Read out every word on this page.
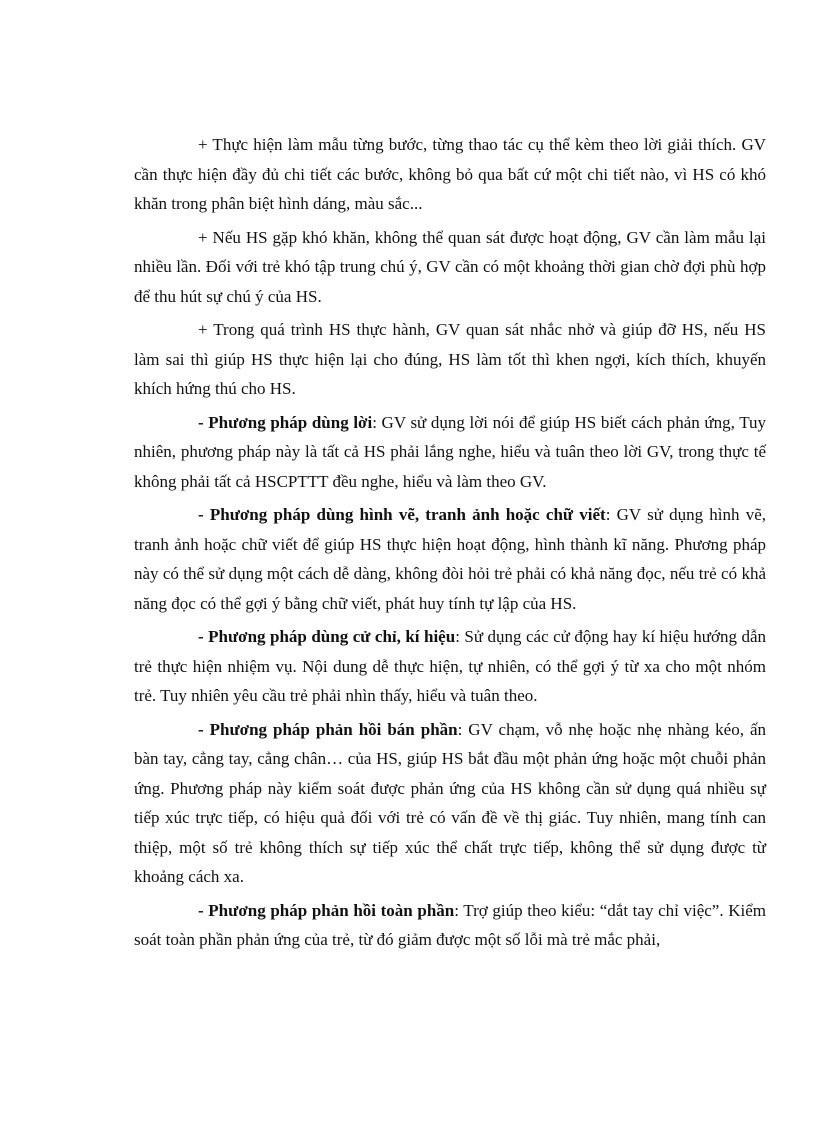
+ Thực hiện làm mẫu từng bước, từng thao tác cụ thể kèm theo lời giải thích. GV cần thực hiện đầy đủ chi tiết các bước, không bỏ qua bất cứ một chi tiết nào, vì HS có khó khăn trong phân biệt hình dáng, màu sắc...

+ Nếu HS gặp khó khăn, không thể quan sát được hoạt động, GV cần làm mẫu lại nhiều lần. Đối với trẻ khó tập trung chú ý, GV cần có một khoảng thời gian chờ đợi phù hợp để thu hút sự chú ý của HS.

+ Trong quá trình HS thực hành, GV quan sát nhắc nhở và giúp đỡ HS, nếu HS làm sai thì giúp HS thực hiện lại cho đúng, HS làm tốt thì khen ngợi, kích thích, khuyến khích hứng thú cho HS.

- Phương pháp dùng lời: GV sử dụng lời nói để giúp HS biết cách phản ứng, Tuy nhiên, phương pháp này là tất cả HS phải lắng nghe, hiểu và tuân theo lời GV, trong thực tế không phải tất cả HSCPTTT đều nghe, hiểu và làm theo GV.

- Phương pháp dùng hình vẽ, tranh ảnh hoặc chữ viết: GV sử dụng hình vẽ, tranh ảnh hoặc chữ viết để giúp HS thực hiện hoạt động, hình thành kĩ năng. Phương pháp này có thể sử dụng một cách dễ dàng, không đòi hỏi trẻ phải có khả năng đọc, nếu trẻ có khả năng đọc có thể gợi ý bằng chữ viết, phát huy tính tự lập của HS.

- Phương pháp dùng cử chỉ, kí hiệu: Sử dụng các cử động hay kí hiệu hướng dẫn trẻ thực hiện nhiệm vụ. Nội dung dễ thực hiện, tự nhiên, có thể gợi ý từ xa cho một nhóm trẻ. Tuy nhiên yêu cầu trẻ phải nhìn thấy, hiểu và tuân theo.

- Phương pháp phản hồi bán phần: GV chạm, vỗ nhẹ hoặc nhẹ nhàng kéo, ấn bàn tay, cẳng tay, cẳng chân… của HS, giúp HS bắt đầu một phản ứng hoặc một chuỗi phản ứng. Phương pháp này kiểm soát được phản ứng của HS không cần sử dụng quá nhiều sự tiếp xúc trực tiếp, có hiệu quả đối với trẻ có vấn đề về thị giác. Tuy nhiên, mang tính can thiệp, một số trẻ không thích sự tiếp xúc thể chất trực tiếp, không thể sử dụng được từ khoảng cách xa.

- Phương pháp phản hồi toàn phần: Trợ giúp theo kiểu: “dắt tay chỉ việc”. Kiểm soát toàn phần phản ứng của trẻ, từ đó giảm được một số lỗi mà trẻ mắc phải,
